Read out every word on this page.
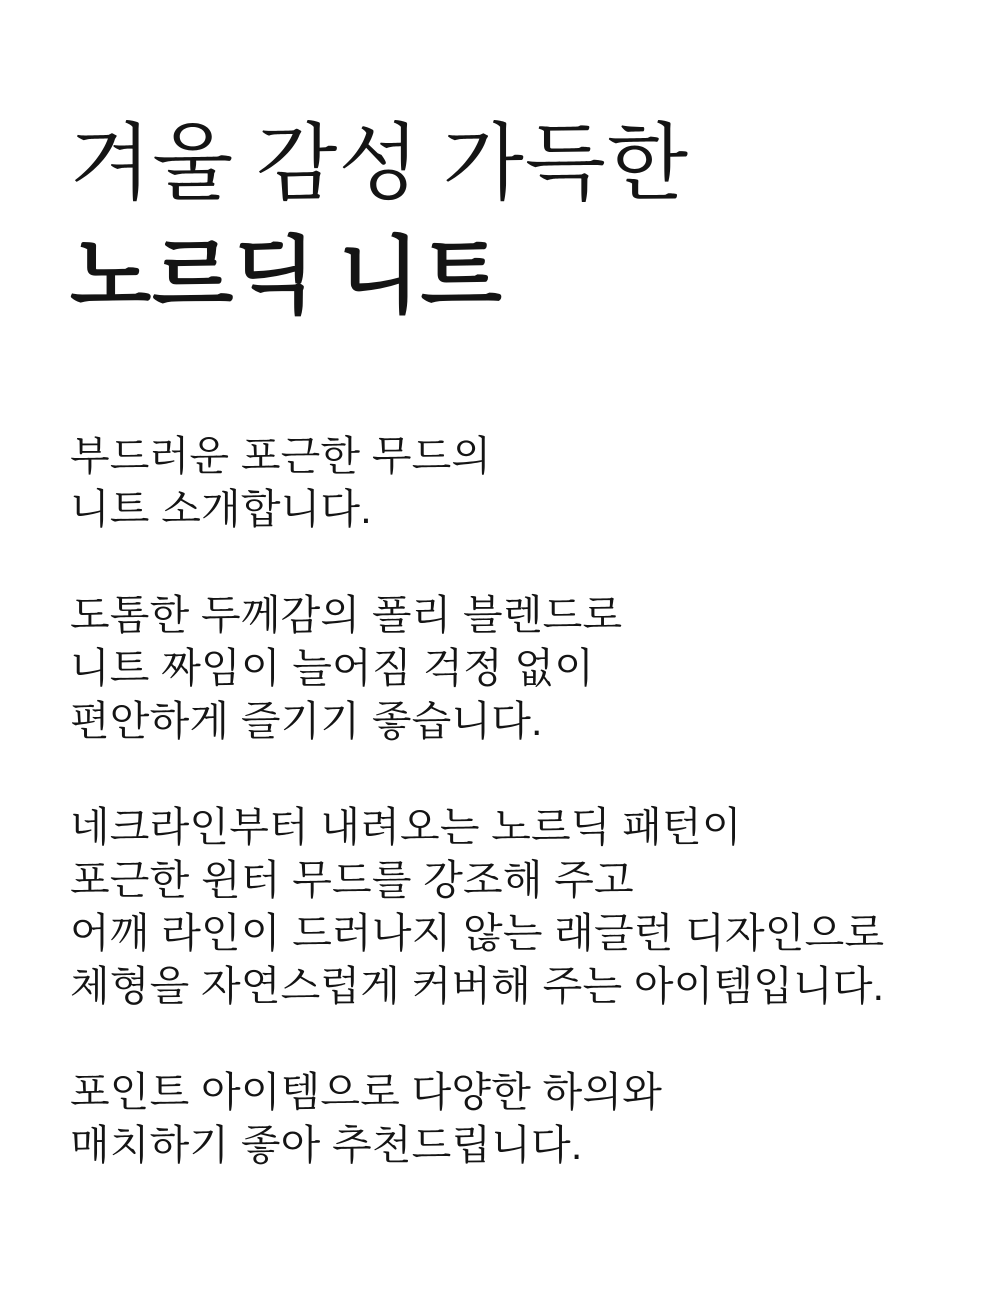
겨울 감성 가득한
노르딕 니트

부드러운 포근한 무드의
니트 소개합니다.

도톰한 두께감의 폴리 블렌드로
니트 짜임이 늘어짐 걱정 없이
편안하게 즐기기 좋습니다.

네크라인부터 내려오는 노르딕 패턴이
포근한 윈터 무드를 강조해 주고
어깨 라인이 드러나지 않는 래글런 디자인으로
체형을 자연스럽게 커버해 주는 아이템입니다.

포인트 아이템으로 다양한 하의와
매치하기 좋아 추천드립니다.
